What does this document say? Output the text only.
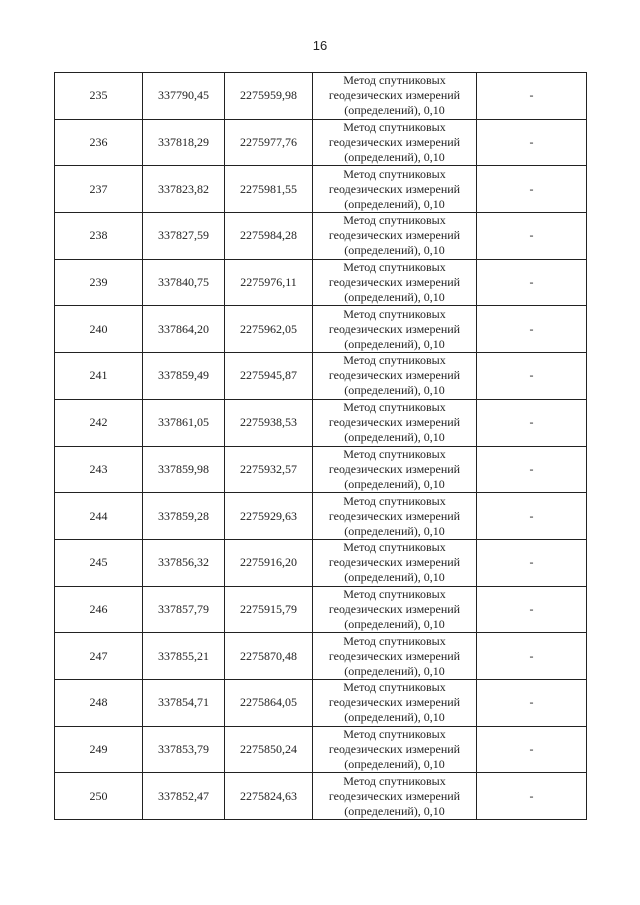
16
235	337790,45	2275959,98	Метод спутниковых
геодезических измерений
(определений), 0,10	-
236	337818,29	2275977,76	Метод спутниковых
геодезических измерений
(определений), 0,10	-
237	337823,82	2275981,55	Метод спутниковых
геодезических измерений
(определений), 0,10	-
238	337827,59	2275984,28	Метод спутниковых
геодезических измерений
(определений), 0,10	-
239	337840,75	2275976,11	Метод спутниковых
геодезических измерений
(определений), 0,10	-
240	337864,20	2275962,05	Метод спутниковых
геодезических измерений
(определений), 0,10	-
241	337859,49	2275945,87	Метод спутниковых
геодезических измерений
(определений), 0,10	-
242	337861,05	2275938,53	Метод спутниковых
геодезических измерений
(определений), 0,10	-
243	337859,98	2275932,57	Метод спутниковых
геодезических измерений
(определений), 0,10	-
244	337859,28	2275929,63	Метод спутниковых
геодезических измерений
(определений), 0,10	-
245	337856,32	2275916,20	Метод спутниковых
геодезических измерений
(определений), 0,10	-
246	337857,79	2275915,79	Метод спутниковых
геодезических измерений
(определений), 0,10	-
247	337855,21	2275870,48	Метод спутниковых
геодезических измерений
(определений), 0,10	-
248	337854,71	2275864,05	Метод спутниковых
геодезических измерений
(определений), 0,10	-
249	337853,79	2275850,24	Метод спутниковых
геодезических измерений
(определений), 0,10	-
250	337852,47	2275824,63	Метод спутниковых
геодезических измерений
(определений), 0,10	-
